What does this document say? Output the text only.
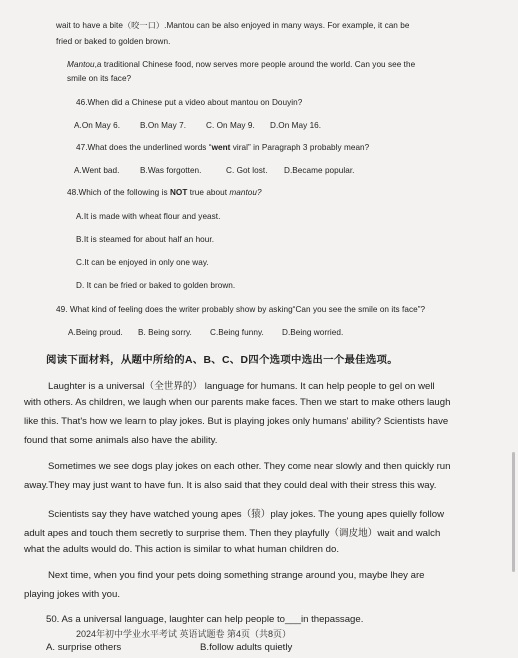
wait to have a bite（咬一口）.Mantou can be also enjoyed in many ways. For example, it can be
fried or baked to golden brown.
Mantou,a traditional Chinese food, now serves more people around the world. Can you see the
smile on its face?
46.When did a Chinese put a video about mantou on Douyin?
A.On May 6. B.On May 7. C. On May 9. D.On May 16.
47.What does the underlined words “went viral” in Paragraph 3 probably mean?
A.Went bad.	B.Was forgotten.	C. Got lost. D.Became popular.
48.Which of the following is NOT true about mantou?
A.It is made with wheat flour and yeast.
B.It is steamed for about half an hour.
C.It can be enjoyed in only one way.
D. It can be fried or baked to golden brown.
49. What kind of feeling does the writer probably show by asking“Can you see the smile on its face”?
A.Being proud. B. Being sorry. C.Being funny. D.Being worried.
阅读下面材料，从题中所给的A、B、C、D四个选项中选出一个最佳选项。
Laughter is a universal（全世界的） language for humans. It can help people to gel on well
with others. As children, we laugh when our parents make faces. Then we start to make others laugh
like this. That's how we learn to play jokes. But is playing jokes only humans' ability? Scientists have
found that some animals also have the ability.
Sometimes we see dogs play jokes on each other. They come near slowly and then quickly run
away.They may just want to have fun. It is also said that they could deal with their stress this way.
Scientists say they have watched young apes（猿）play jokes. The young apes quielly follow
adult apes and touch them secretly to surprise them. Then they playfully（调皮地）wait and walch
what the adults would do. This action is similar to what human children do.
Next time, when you find your pets doing something strange around you, maybe lhey are
playing jokes with you.
50. As a universal language, laughter can help people to___in thepassage.
2024年初中学业水平考试 英语试题卷 第4页（共8页）
A. surprise others	B.follow adults quietly
